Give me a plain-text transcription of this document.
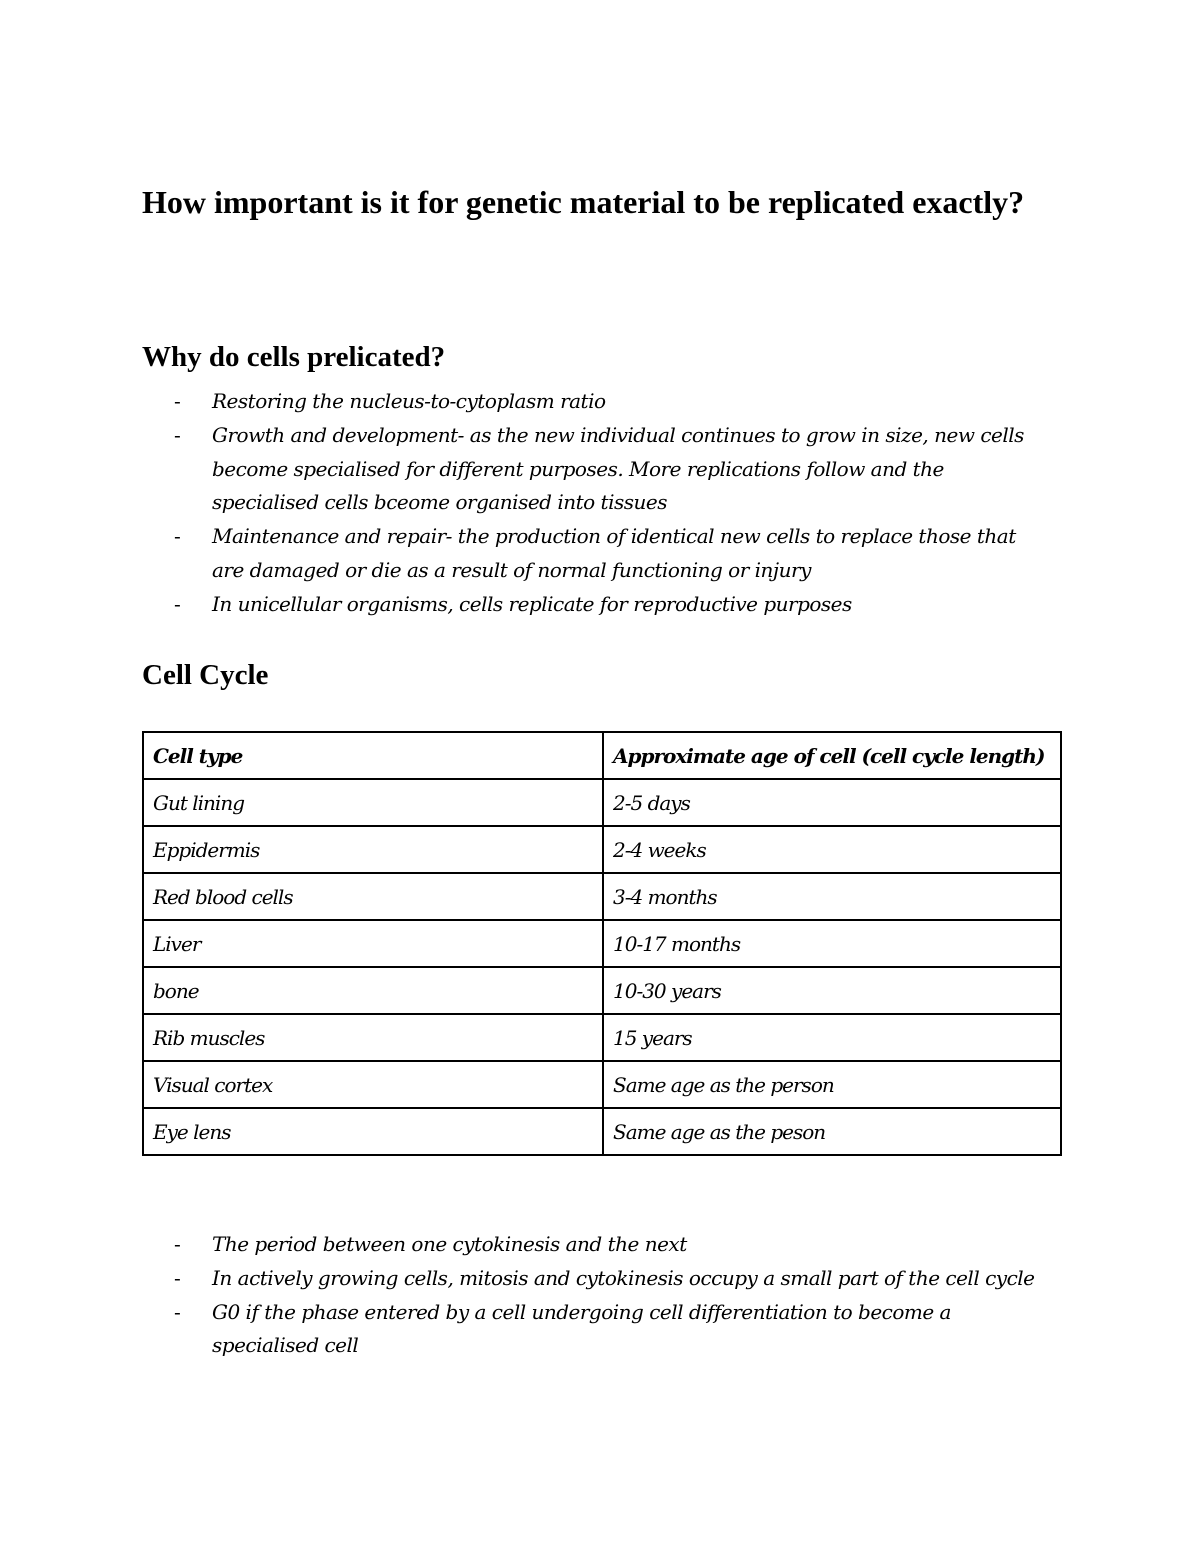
How important is it for genetic material to be replicated exactly?
Why do cells prelicated?
- Restoring the nucleus-to-cytoplasm ratio
- Growth and development- as the new individual continues to grow in size, new cells become specialised for different purposes. More replications follow and the specialised cells bceome organised into tissues
- Maintenance and repair- the production of identical new cells to replace those that are damaged or die as a result of normal functioning or injury
- In unicellular organisms, cells replicate for reproductive purposes
Cell Cycle
Cell type	Approximate age of cell (cell cycle length)
Gut lining	2-5 days
Eppidermis	2-4 weeks
Red blood cells	3-4 months
Liver	10-17 months
bone	10-30 years
Rib muscles	15 years
Visual cortex	Same age as the person
Eye lens	Same age as the peson
- The period between one cytokinesis and the next
- In actively growing cells, mitosis and cytokinesis occupy a small part of the cell cycle
- G0 if the phase entered by a cell undergoing cell differentiation to become a specialised cell
